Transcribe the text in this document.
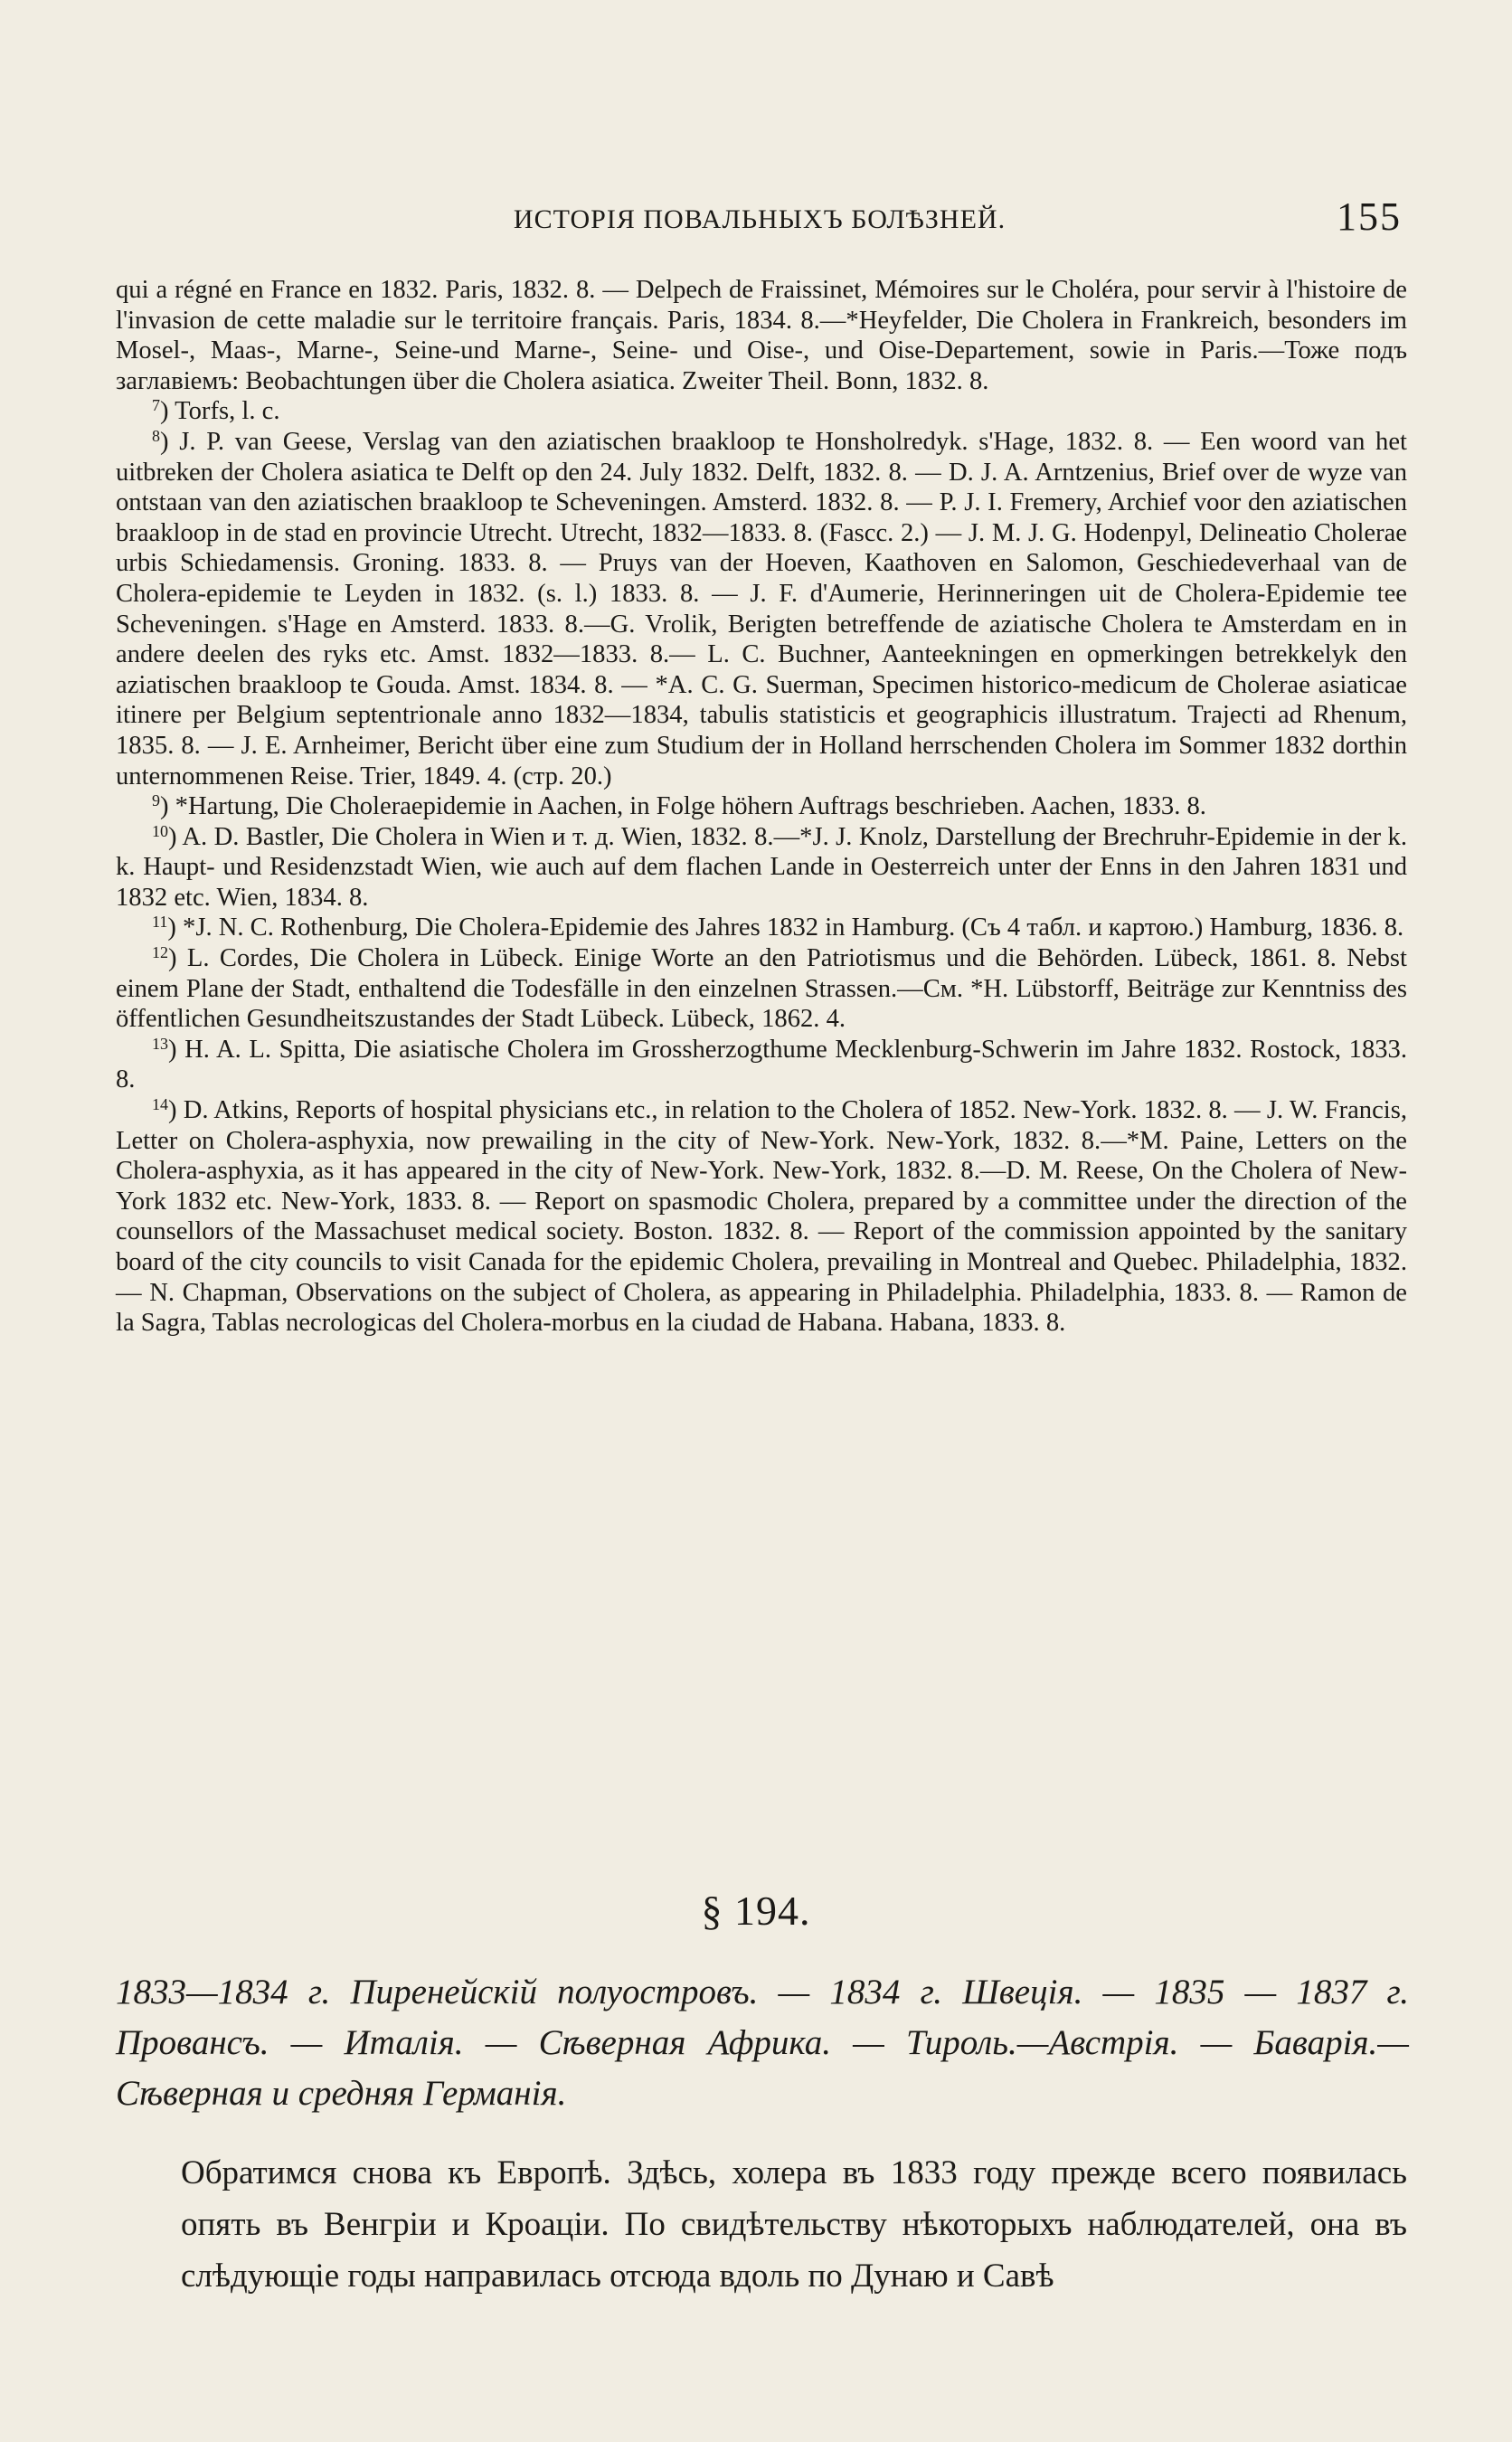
ИСТОРІЯ ПОВАЛЬНЫХЪ БОЛѢЗНЕЙ.	155

qui a régné en France en 1832. Paris, 1832. 8. — Delpech de Fraissinet, Mémoires sur le Choléra, pour servir à l'histoire de l'invasion de cette maladie sur le territoire français. Paris, 1834. 8.—*Heyfelder, Die Cholera in Frankreich, besonders im Mosel-, Maas-, Marne-, Seine-und Marne-, Seine- und Oise-, und Oise-Departement, sowie in Paris.—Тоже подъ заглавіемъ: Beobachtungen über die Cholera asiatica. Zweiter Theil. Bonn, 1832. 8.

$^7$) Torfs, l. c.

$^8$) J. P. van Geese, Verslag van den aziatischen braakloop te Honsholredyk. s'Hage, 1832. 8. — Een woord van het uitbreken der Cholera asiatica te Delft op den 24. July 1832. Delft, 1832. 8. — D. J. A. Arntzenius, Brief over de wyze van ontstaan van den aziatischen braakloop te Scheveningen. Amsterd. 1832. 8. — P. J. I. Fremery, Archief voor den aziatischen braakloop in de stad en provincie Utrecht. Utrecht, 1832—1833. 8. (Fascc. 2.) — J. M. J. G. Hodenpyl, Delineatio Cholerae urbis Schiedamensis. Groning. 1833. 8. — Pruys van der Hoeven, Kaathoven en Salomon, Geschiedeverhaal van de Cholera-epidemie te Leyden in 1832. (s. l.) 1833. 8. — J. F. d'Aumerie, Herinneringen uit de Cholera-Epidemie tee Scheveningen. s'Hage en Amsterd. 1833. 8.—G. Vrolik, Berigten betreffende de aziatische Cholera te Amsterdam en in andere deelen des ryks etc. Amst. 1832—1833. 8.— L. C. Buchner, Aanteekningen en opmerkingen betrekkelyk den aziatischen braakloop te Gouda. Amst. 1834. 8. — *A. C. G. Suerman, Specimen historico-medicum de Cholerae asiaticae itinere per Belgium septentrionale anno 1832—1834, tabulis statisticis et geographicis illustratum. Trajecti ad Rhenum, 1835. 8. — J. E. Arnheimer, Bericht über eine zum Studium der in Holland herrschenden Cholera im Sommer 1832 dorthin unternommenen Reise. Trier, 1849. 4. (стр. 20.)

$^9$) *Hartung, Die Choleraepidemie in Aachen, in Folge höhern Auftrags beschrieben. Aachen, 1833. 8.

$^{10}$) A. D. Bastler, Die Cholera in Wien и т. д. Wien, 1832. 8.—*J. J. Knolz, Darstellung der Brechruhr-Epidemie in der k. k. Haupt- und Residenzstadt Wien, wie auch auf dem flachen Lande in Oesterreich unter der Enns in den Jahren 1831 und 1832 etc. Wien, 1834. 8.

$^{11}$) *J. N. C. Rothenburg, Die Cholera-Epidemie des Jahres 1832 in Hamburg. (Съ 4 табл. и картою.) Hamburg, 1836. 8.

$^{12}$) L. Cordes, Die Cholera in Lübeck. Einige Worte an den Patriotismus und die Behörden. Lübeck, 1861. 8. Nebst einem Plane der Stadt, enthaltend die Todesfälle in den einzelnen Strassen.—См. *H. Lübstorff, Beiträge zur Kenntniss des öffentlichen Gesundheitszustandes der Stadt Lübeck. Lübeck, 1862. 4.

$^{13}$) H. A. L. Spitta, Die asiatische Cholera im Grossherzogthume Mecklenburg-Schwerin im Jahre 1832. Rostock, 1833. 8.

$^{14}$) D. Atkins, Reports of hospital physicians etc., in relation to the Cholera of 1852. New-York. 1832. 8. — J. W. Francis, Letter on Cholera-asphyxia, now prewailing in the city of New-York. New-York, 1832. 8.—*M. Paine, Letters on the Cholera-asphyxia, as it has appeared in the city of New-York. New-York, 1832. 8.—D. M. Reese, On the Cholera of New-York 1832 etc. New-York, 1833. 8. — Report on spasmodic Cholera, prepared by a committee under the direction of the counsellors of the Massachuset medical society. Boston. 1832. 8. — Report of the commission appointed by the sanitary board of the city councils to visit Canada for the epidemic Cholera, prevailing in Montreal and Quebec. Philadelphia, 1832. — N. Chapman, Observations on the subject of Cholera, as appearing in Philadelphia. Philadelphia, 1833. 8. — Ramon de la Sagra, Tablas necrologicas del Cholera-morbus en la ciudad de Habana. Habana, 1833. 8.

§ 194.
1833—1834 г. Пиренейскій полуостровъ. — 1834 г. Швеція. — 1835 — 1837 г. Провансъ. — Италія. — Сѣверная Африка. — Тироль.—Австрія. — Баварія.—Сѣверная и средняя Германія.
Обратимся снова къ Европѣ. Здѣсь, холера въ 1833 году прежде всего появилась опять въ Венгріи и Кроаціи. По свидѣтельству нѣкоторыхъ наблюдателей, она въ слѣдующіе годы направилась отсюда вдоль по Дунаю и Савѣ
